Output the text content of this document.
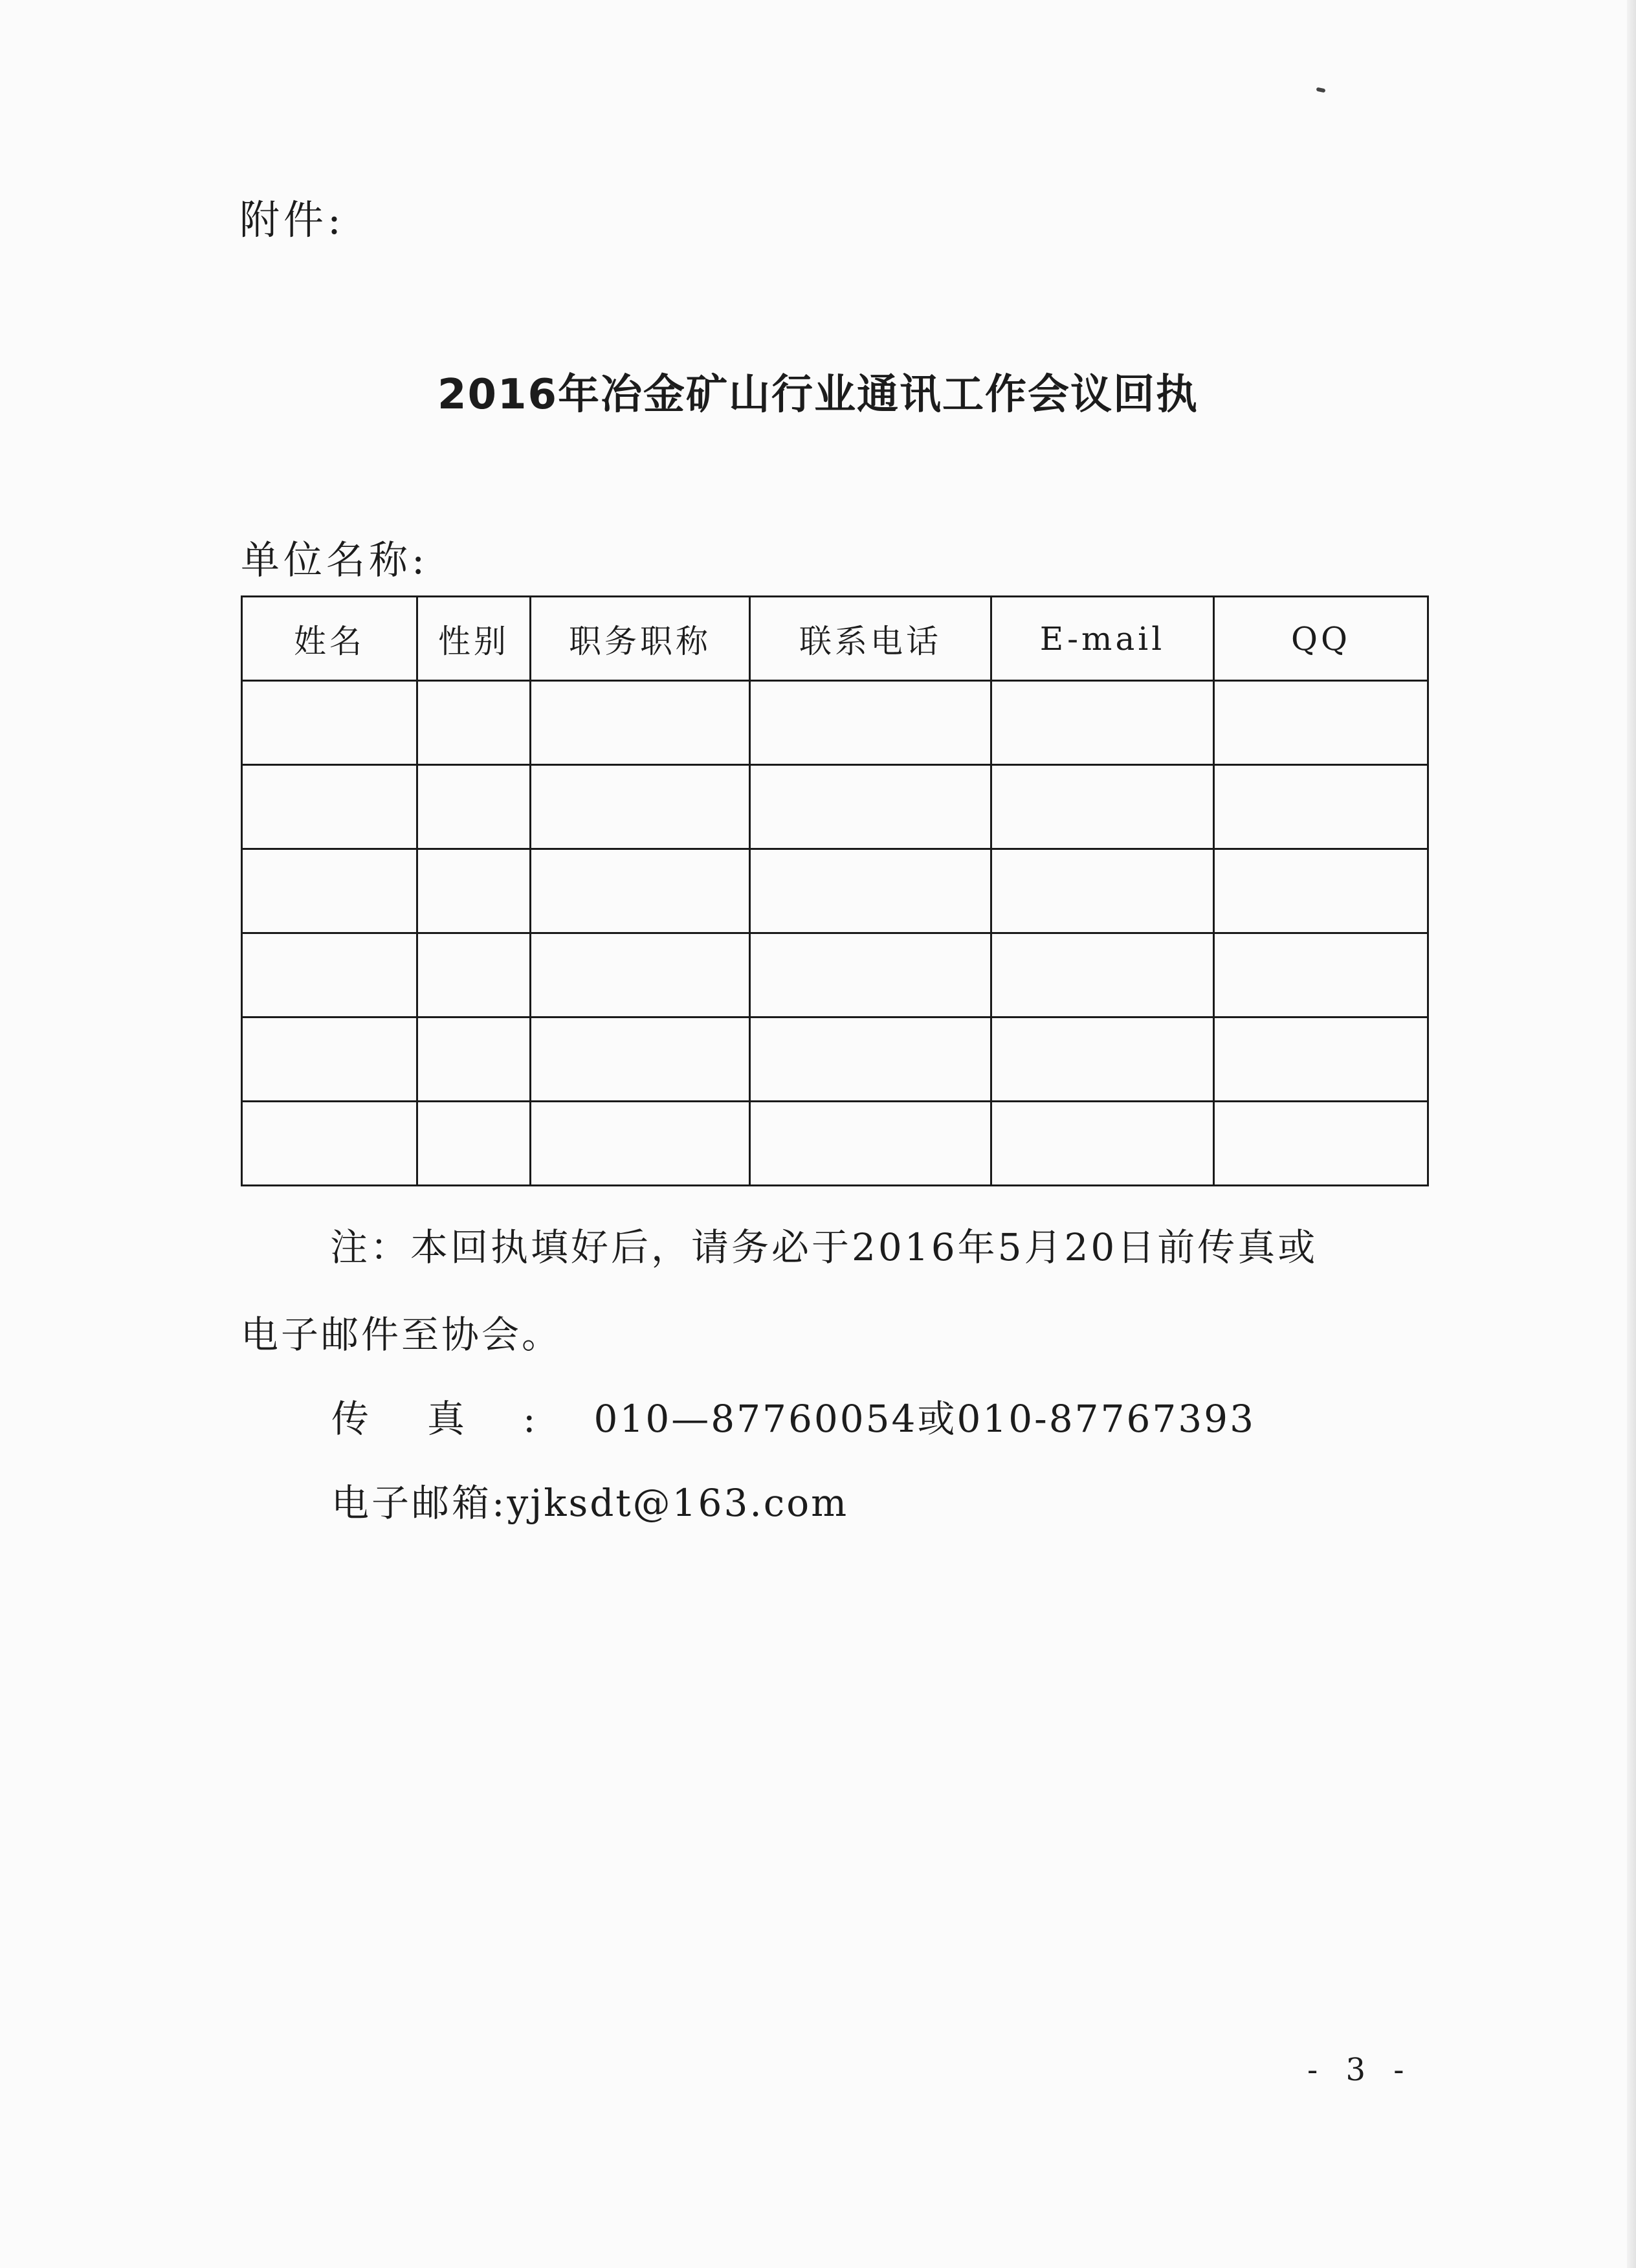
附件:
2016年冶金矿山行业通讯工作会议回执
单位名称:
姓名	性别	职务职称	联系电话	E-mail	QQ

注：本回执填好后，请务必于2016年5月20日前传真或
电子邮件至协会。
传真:010—87760054或010-87767393
电子邮箱:yjksdt@163.com
- 3 -
